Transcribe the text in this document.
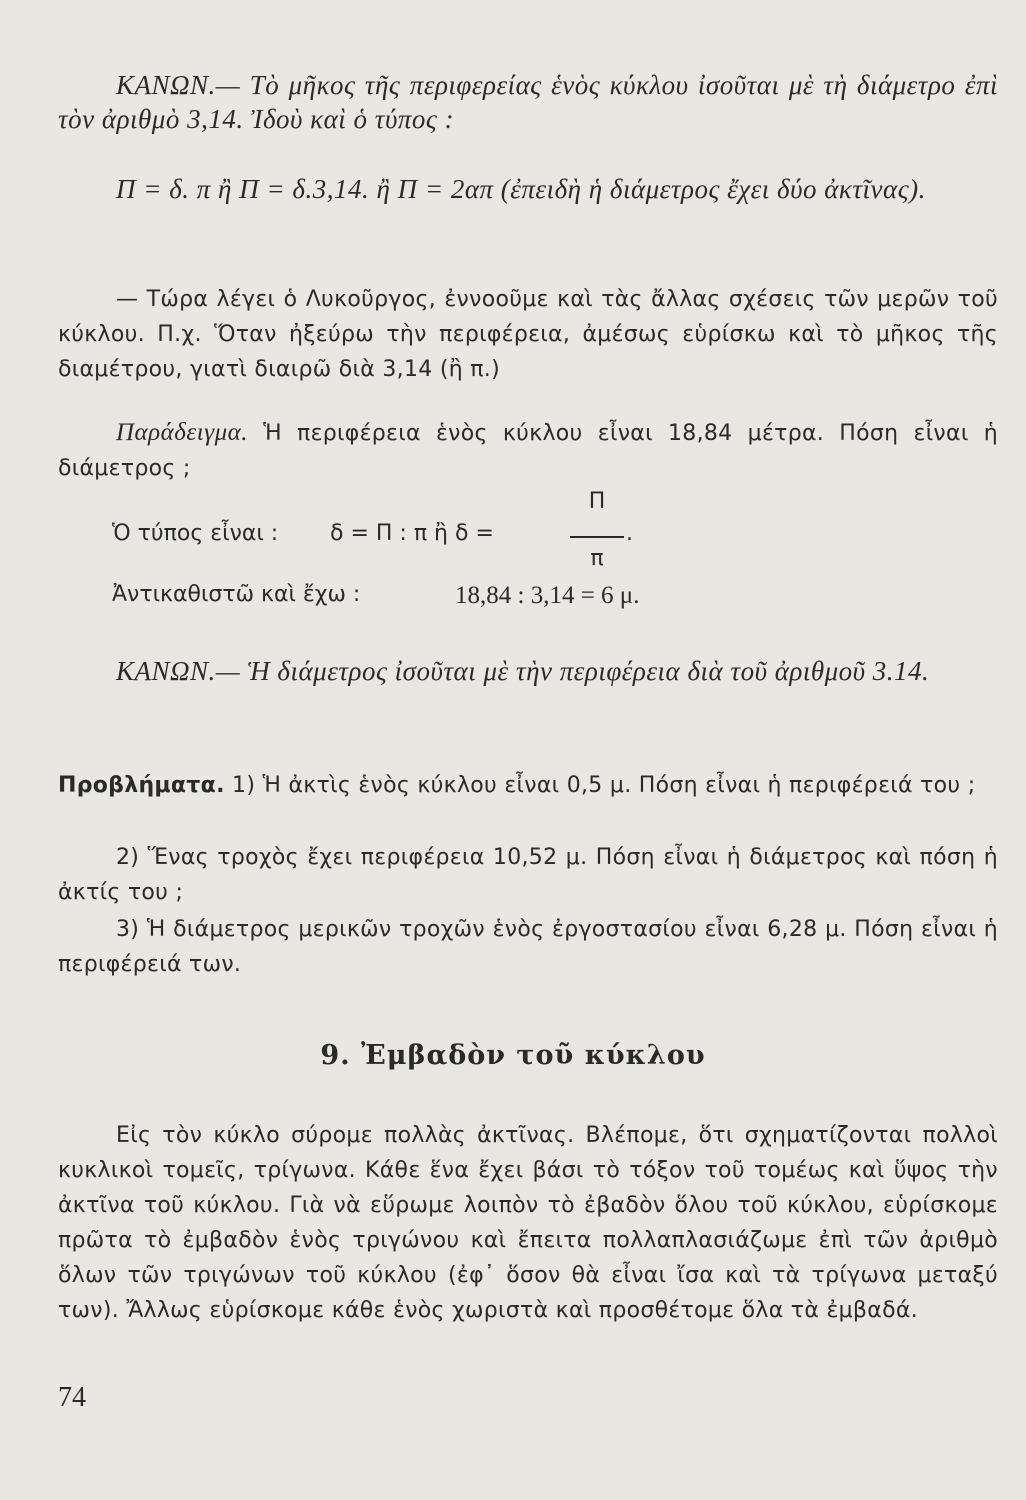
ΚΑΝΩΝ.— Τὸ μῆκος τῆς περιφερείας ἑνὸς κύκλου ἰσοῦται μὲ τὴ διάμετρο ἐπὶ τὸν ἀριθμὸ 3,14. Ἰδοὺ καὶ ὁ τύπος :
Π = δ. π ἢ Π = δ.3,14. ἢ Π = 2απ (ἐπειδὴ ἡ διάμετρος ἔχει δύο ἀκτῖνας).
— Τώρα λέγει ὁ Λυκοῦργος, ἐννοοῦμε καὶ τὰς ἄλλας σχέσεις τῶν μερῶν τοῦ κύκλου. Π.χ. Ὅταν ἠξεύρω τὴν περιφέρεια, ἀμέσως εὑρίσκω καὶ τὸ μῆκος τῆς διαμέτρου, γιατὶ διαιρῶ διὰ 3,14 (ἢ π.)
Παράδειγμα. Ἡ περιφέρεια ἑνὸς κύκλου εἶναι 18,84 μέτρα. Πόση εἶναι ἡ διάμετρος ;
Ὁ τύπος εἶναι : δ = Π : π ἢ δ =
Π
π
.
Ἀντικαθιστῶ καὶ ἔχω :	18,84 : 3,14 = 6 μ.
ΚΑΝΩΝ.— Ἡ διάμετρος ἰσοῦται μὲ τὴν περιφέρεια διὰ τοῦ ἀριθμοῦ 3.14.
Προβλήματα. 1) Ἡ ἀκτὶς ἑνὸς κύκλου εἶναι 0,5 μ. Πόση εἶναι ἡ περιφέρειά του ;
2) Ἕνας τροχὸς ἔχει περιφέρεια 10,52 μ. Πόση εἶναι ἡ διάμετρος καὶ πόση ἡ ἀκτίς του ;
3) Ἡ διάμετρος μερικῶν τροχῶν ἑνὸς ἐργοστασίου εἶναι 6,28 μ. Πόση εἶναι ἡ περιφέρειά των.
9. Ἐμβαδὸν τοῦ κύκλου
Εἰς τὸν κύκλο σύρομε πολλὰς ἀκτῖνας. Βλέπομε, ὅτι σχηματίζονται πολλοὶ κυκλικοὶ τομεῖς, τρίγωνα. Κάθε ἕνα ἔχει βάσι τὸ τόξον τοῦ τομέως καὶ ὕψος τὴν ἀκτῖνα τοῦ κύκλου. Γιὰ νὰ εὕρωμε λοιπὸν τὸ ἐβαδὸν ὅλου τοῦ κύκλου, εὑρίσκομε πρῶτα τὸ ἐμβαδὸν ἑνὸς τριγώνου καὶ ἔπειτα πολλαπλασιάζωμε ἐπὶ τῶν ἀριθμὸ ὅλων τῶν τριγώνων τοῦ κύκλου (ἐφ᾿ ὅσον θὰ εἶναι ἴσα καὶ τὰ τρίγωνα μεταξύ των). Ἄλλως εὑρίσκομε κάθε ἑνὸς χωριστὰ καὶ προσθέτομε ὅλα τὰ ἐμβαδά.
74
